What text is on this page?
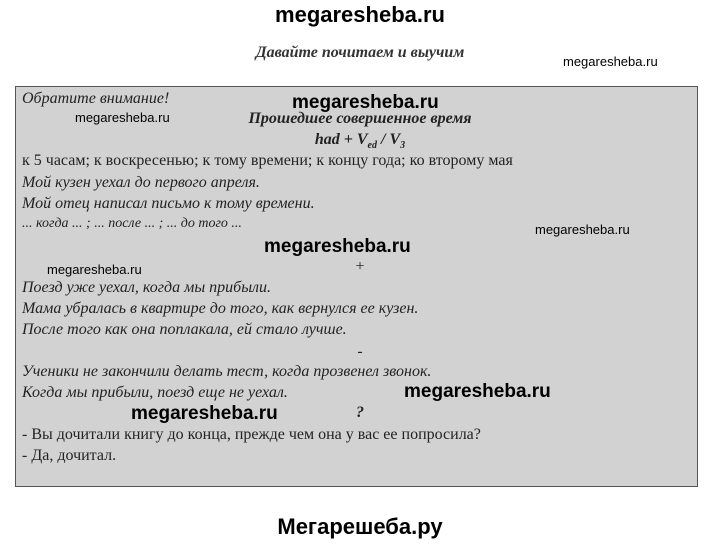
megaresheba.ru
Давайте почитаем и выучим
megaresheba.ru
Обратите внимание!	megaresheba.ru
megaresheba.ru	Прошедшее совершенное время
had + $V_{ed} / V_3$
к 5 часам; к воскресенью; к тому времени; к концу года; ко второму мая
Мой кузен уехал до первого апреля.
Мой отец написал письмо к тому времени.
... когда ... ; ... после ... ; ... до того ...
megaresheba.ru
megaresheba.ru
megaresheba.ru	+
Поезд уже уехал, когда мы прибыли.
Мама убралась в квартире до того, как вернулся ее кузен.
После того как она поплакала, ей стало лучше.
-
Ученики не закончили делать тест, когда прозвенел звонок.
Когда мы прибыли, поезд еще не уехал.	megaresheba.ru
megaresheba.ru	?
- Вы дочитали книгу до конца, прежде чем она у вас ее попросила?
- Да, дочитал.
Мегарешеба.ру
